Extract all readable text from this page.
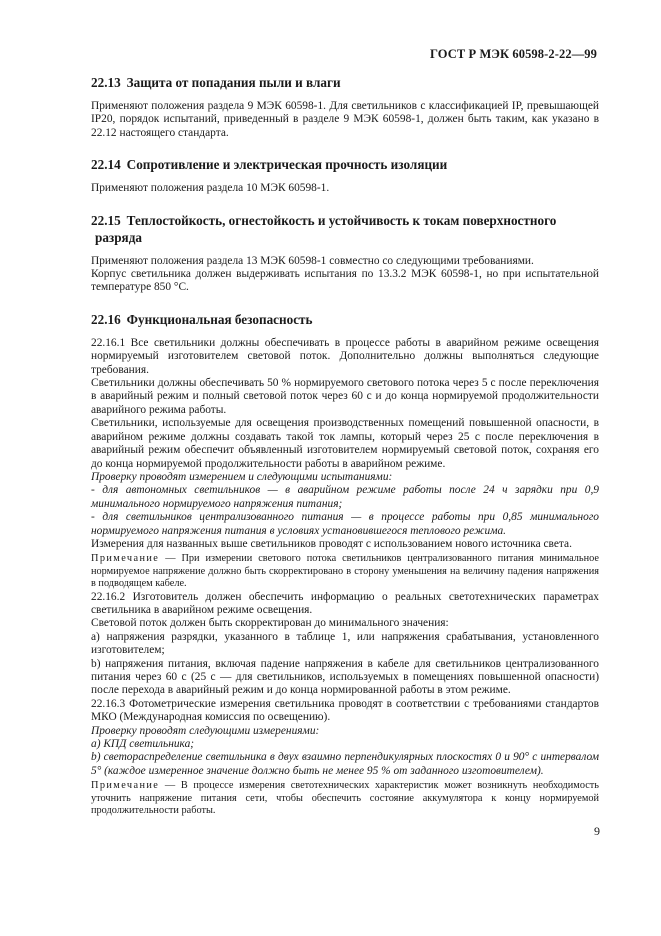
ГОСТ Р МЭК 60598-2-22—99
22.13 Защита от попадания пыли и влаги

Применяют положения раздела 9 МЭК 60598-1. Для светильников с классификацией IP, превышающей IP20, порядок испытаний, приведенный в разделе 9 МЭК 60598-1, должен быть таким, как указано в 22.12 настоящего стандарта.

22.14 Сопротивление и электрическая прочность изоляции

Применяют положения раздела 10 МЭК 60598-1.

22.15 Теплостойкость, огнестойкость и устойчивость к токам поверхностного
разряда

Применяют положения раздела 13 МЭК 60598-1 совместно со следующими требованиями.

Корпус светильника должен выдерживать испытания по 13.3.2 МЭК 60598-1, но при испытательной температуре 850 °С.

22.16 Функциональная безопасность

22.16.1 Все светильники должны обеспечивать в процессе работы в аварийном режиме освещения нормируемый изготовителем световой поток. Дополнительно должны выполняться следующие требования.

Светильники должны обеспечивать 50 % нормируемого светового потока через 5 с после переключения в аварийный режим и полный световой поток через 60 с и до конца нормируемой продолжительности аварийного режима работы.

Светильники, используемые для освещения производственных помещений повышенной опасности, в аварийном режиме должны создавать такой ток лампы, который через 25 с после переключения в аварийный режим обеспечит объявленный изготовителем нормируемый световой поток, сохраняя его до конца нормируемой продолжительности работы в аварийном режиме.

Проверку проводят измерением и следующими испытаниями:

- для автономных светильников — в аварийном режиме работы после 24 ч зарядки при 0,9 минимального нормируемого напряжения питания;

- для светильников централизованного питания — в процессе работы при 0,85 минимального нормируемого напряжения питания в условиях установившегося теплового режима.

Измерения для названных выше светильников проводят с использованием нового источника света.

Примечание — При измерении светового потока светильников централизованного питания минимальное нормируемое напряжение должно быть скорректировано в сторону уменьшения на величину падения напряжения в подводящем кабеле.

22.16.2 Изготовитель должен обеспечить информацию о реальных светотехнических параметрах светильника в аварийном режиме освещения.

Световой поток должен быть скорректирован до минимального значения:

а) напряжения разрядки, указанного в таблице 1, или напряжения срабатывания, установленного изготовителем;

b) напряжения питания, включая падение напряжения в кабеле для светильников централизованного питания через 60 с (25 с — для светильников, используемых в помещениях повышенной опасности) после перехода в аварийный режим и до конца нормированной работы в этом режиме.

22.16.3 Фотометрические измерения светильника проводят в соответствии с требованиями стандартов МКО (Международная комиссия по освещению).

Проверку проводят следующими измерениями:

а) КПД светильника;

b) светораспределение светильника в двух взаимно перпендикулярных плоскостях 0 и 90° с интервалом 5° (каждое измеренное значение должно быть не менее 95 % от заданного изготовителем).

Примечание — В процессе измерения светотехнических характеристик может возникнуть необходимость уточнить напряжение питания сети, чтобы обеспечить состояние аккумулятора к концу нормируемой продолжительности работы.

9
